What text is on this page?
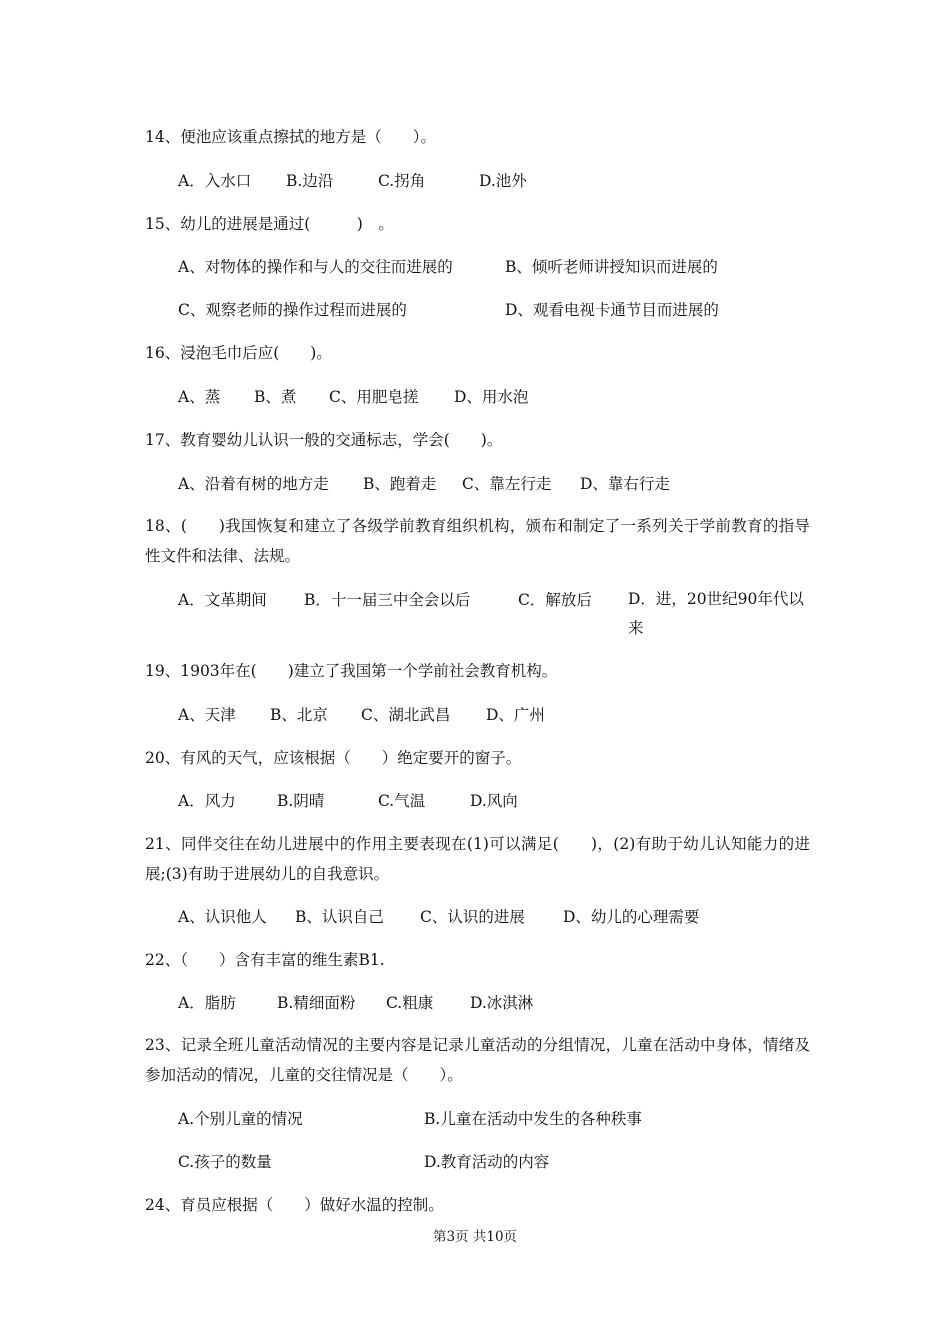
14、便池应该重点擦拭的地方是（　　）。
A．入水口 B.边沿	C.拐角	D.池外
15、幼儿的进展是通过(　　　)　。
A、对物体的操作和与人的交往而进展的	B、倾听老师讲授知识而进展的
C、观察老师的操作过程而进展的	D、观看电视卡通节目而进展的
16、浸泡毛巾后应(　　)。
A、蒸 B、煮 C、用肥皂搓 D、用水泡
17、教育婴幼儿认识一般的交通标志，学会(　　)。
A、沿着有树的地方走 B、跑着走 C、靠左行走 D、靠右行走
18、(　　)我国恢复和建立了各级学前教育组织机构，颁布和制定了一系列关于学前教育的指导性文件和法律、法规。
A．文革期间 B．十一届三中全会以后	C．解放后 D．进，20世纪90年代以来
19、1903年在(　　)建立了我国第一个学前社会教育机构。
A、天津 B、北京 C、湖北武昌 D、广州
20、有风的天气，应该根据（　　）绝定要开的窗子。
A．风力	B.阴晴	C.气温	D.风向
21、同伴交往在幼儿进展中的作用主要表现在(1)可以满足(　　)，(2)有助于幼儿认知能力的进展;(3)有助于进展幼儿的自我意识。
A、认识他人 B、认识自己 C、认识的进展 D、幼儿的心理需要
22、（　　）含有丰富的维生素B1.
A．脂肪	B.精细面粉 C.粗康 D.冰淇淋
23、记录全班儿童活动情况的主要内容是记录儿童活动的分组情况，儿童在活动中身体，情绪及参加活动的情况，儿童的交往情况是（　　）。
A.个别儿童的情况	B.儿童在活动中发生的各种秩事
C.孩子的数量	D.教育活动的内容
24、育员应根据（　　）做好水温的控制。
第3页 共10页
